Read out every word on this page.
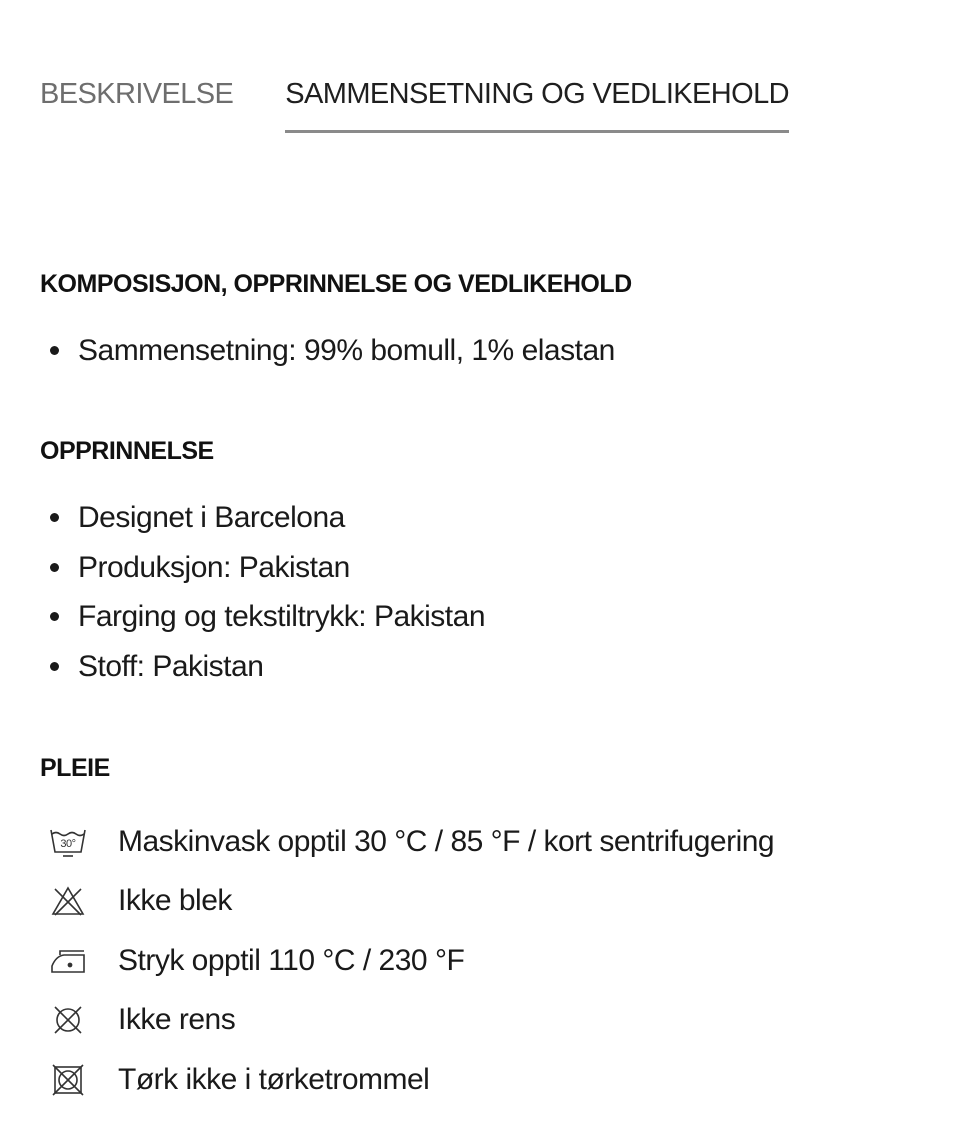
BESKRIVELSE SAMMENSETNING OG VEDLIKEHOLD
KOMPOSISJON, OPPRINNELSE OG VEDLIKEHOLD
Sammensetning: 99% bomull, 1% elastan
OPPRINNELSE
Designet i Barcelona
Produksjon: Pakistan
Farging og tekstiltrykk: Pakistan
Stoff: Pakistan
PLEIE
30° Maskinvask opptil 30 °C / 85 °F / kort sentrifugering
Ikke blek
Stryk opptil 110 °C / 230 °F
Ikke rens
Tørk ikke i tørketrommel
